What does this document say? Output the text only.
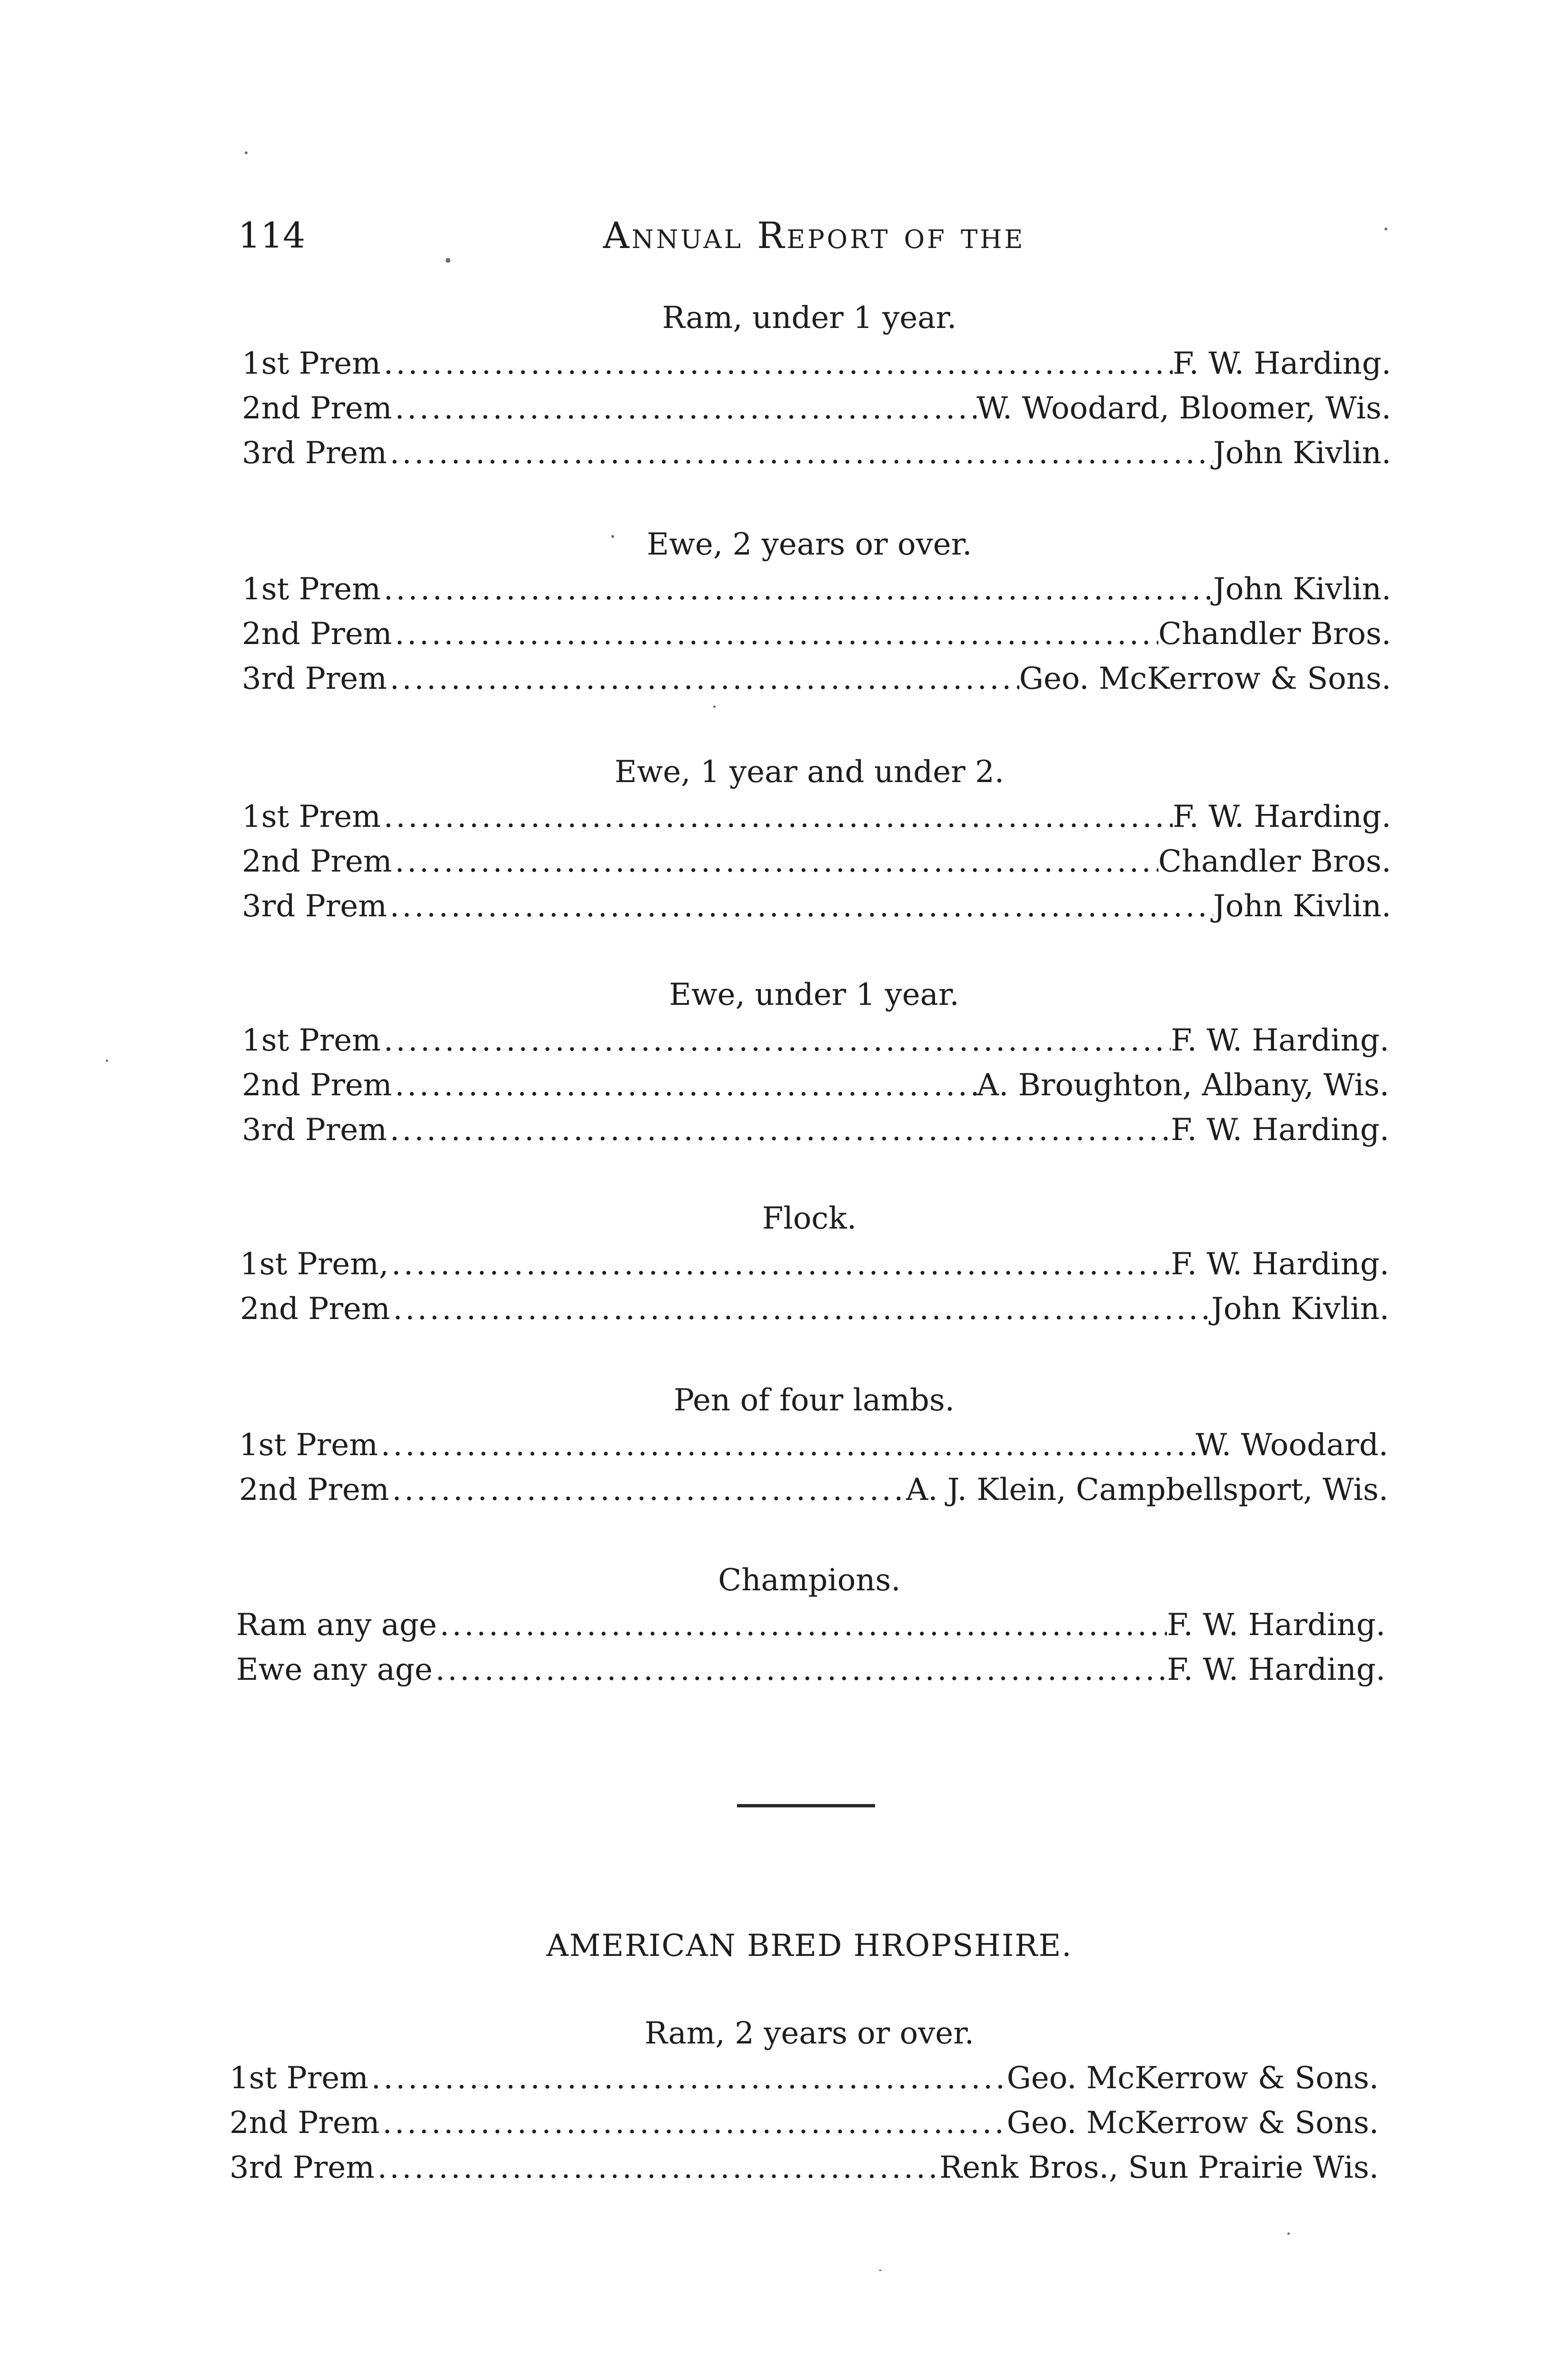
114	Annual Report of the
Ram, under 1 year.
1st Prem .....	F. W. Harding.
2nd Prem .....	W. Woodard, Bloomer, Wis.
3rd Prem .....	John Kivlin.
Ewe, 2 years or over.
1st Prem .....	John Kivlin.
2nd Prem .....	Chandler Bros.
3rd Prem .....	Geo. McKerrow & Sons.
Ewe, 1 year and under 2.
1st Prem .....	F. W. Harding.
2nd Prem .....	Chandler Bros.
3rd Prem .....	John Kivlin.
Ewe, under 1 year.
1st Prem .....	F. W. Harding.
2nd Prem .....	A. Broughton, Albany, Wis.
3rd Prem .....	F. W. Harding.
Flock.
1st Prem, .....	F. W. Harding.
2nd Prem .....	John Kivlin.
Pen of four lambs.
1st Prem .....	W. Woodard.
2nd Prem .....	A. J. Klein, Campbellsport, Wis.
Champions.
Ram any age .....	F. W. Harding.
Ewe any age .....	F. W. Harding.
AMERICAN BRED HROPSHIRE.
Ram, 2 years or over.
1st Prem .....	Geo. McKerrow & Sons.
2nd Prem .....	Geo. McKerrow & Sons.
3rd Prem .....	Renk Bros., Sun Prairie Wis.
